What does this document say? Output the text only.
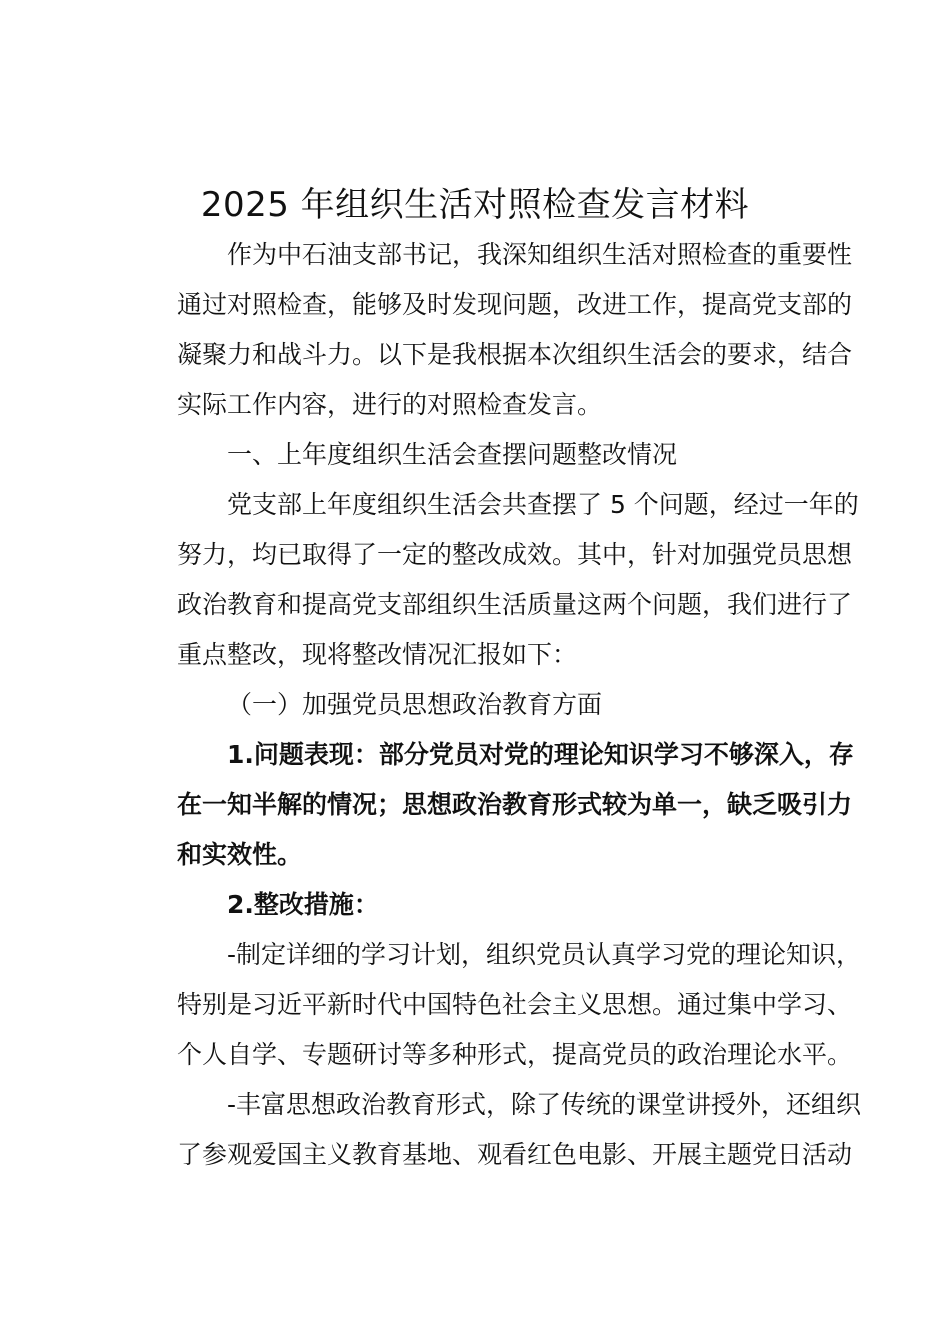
2025 年组织生活对照检查发言材料

作为中石油支部书记，我深知组织生活对照检查的重要性
通过对照检查，能够及时发现问题，改进工作，提高党支部的
凝聚力和战斗力。以下是我根据本次组织生活会的要求，结合
实际工作内容，进行的对照检查发言。

一、上年度组织生活会查摆问题整改情况

党支部上年度组织生活会共查摆了 5 个问题，经过一年的
努力，均已取得了一定的整改成效。其中，针对加强党员思想
政治教育和提高党支部组织生活质量这两个问题，我们进行了
重点整改，现将整改情况汇报如下：

（一）加强党员思想政治教育方面

1.问题表现：部分党员对党的理论知识学习不够深入，存
在一知半解的情况；思想政治教育形式较为单一，缺乏吸引力
和实效性。

2.整改措施：

-制定详细的学习计划，组织党员认真学习党的理论知识，
特别是习近平新时代中国特色社会主义思想。通过集中学习、
个人自学、专题研讨等多种形式，提高党员的政治理论水平。

-丰富思想政治教育形式，除了传统的课堂讲授外，还组织
了参观爱国主义教育基地、观看红色电影、开展主题党日活动
